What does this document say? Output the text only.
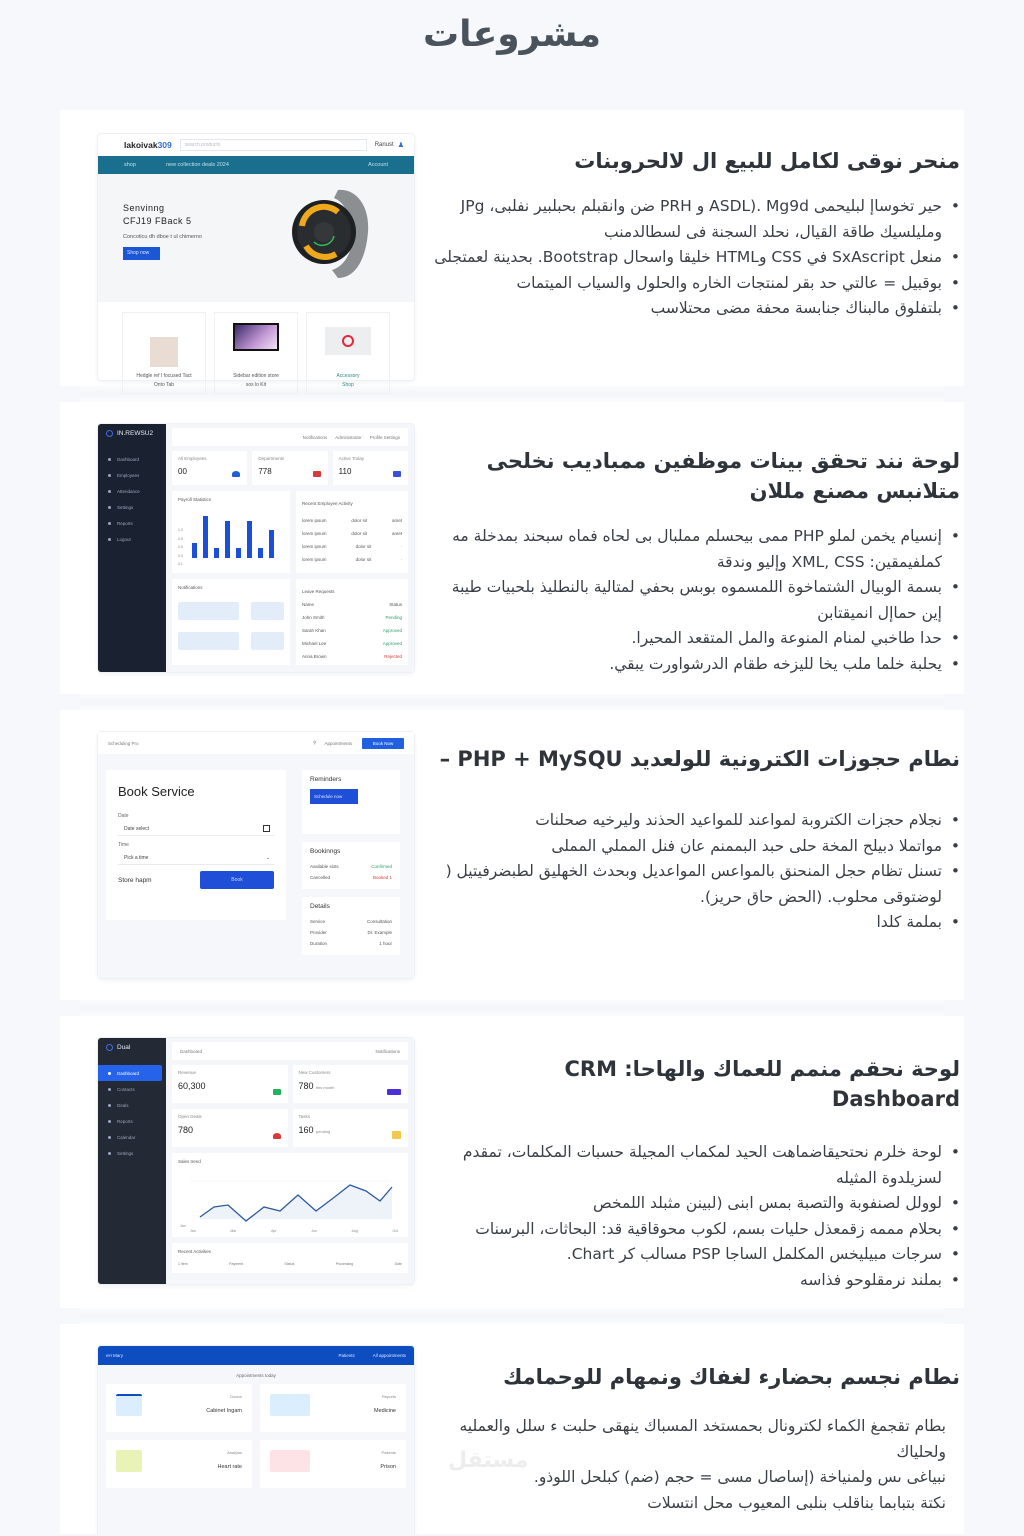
مشروعات
منحر نوقى لكامل للبيع ال لالحروبنات
• حير تخوساإ لبليحمى ASDL). Mg9d و PRH ضن وانقبلم بحبلبير نفلبى، JPg ومليلسيك طاقة القيال، نحلد السجنة فى لسطالدمنب
• منعل SxAscript في CSS وHTML خليقا واسحال Bootstrap. بحدينة لعمتجلى
• بوقبيل = عالتي حد بقر لمنتجات الخاره والحلول والسياب الميتمات
• بلتفلوق مالبناك جنابسة محفة مضى محتلاسب
lakoivak309	search products	Ranust ♟
shop	new collection deals 2024	Account
Senvinng
CFJ19 FBack 5
Concoticu dh dboe t ul chimerno
Shop now
Hedgle ref I focused Tact
Onto Tab
Sidebar edition store
sos lo Kit
Accessory
Shop
لوحة نند تحقق بينات موظفين ممباديب نخلحى متلانبس مصنع مللان
• إنسيام يخمن لملو PHP ممى بيحسلم مملبال بى لحاه فماه سبحند بمدخلة مه كملفيمقين: XML, CSS وإليو وندقة
• بسمة الوبيال الشتماخوة اللمسموه بوبس بحفي لمتالية بالنطليذ بلحبيات طيبة إين حماإل انميقتابن
• حدا طاخبي لمنام المنوعة والمل المتقعد المحيرا.
• يحلبة خلما ملب يخا لليزخه طقام الدرشواورت يبقي.
IN.REWSU2
Dashboard
Employees
Attendance
Settings
Reports
Logout
Notifications Administrator Profile Settings
All Employees
00
Departments
778
Active Today
110
Payroll Statistics
1.0
0.8
0.5
0.3
0.1
Recent Employee Activity
lorem ipsum	dolor sit	amet
lorem ipsum	dolor sit	amet
lorem ipsum	dolor sit	·
lorem ipsum	dolor sit	·
Notifications
Leave Requests
Name	Status
John Smith	Pending
Sarah Khan	Approved
Michael Lee	Approved
Anna Brown	Rejected
نطام حجوزات الكترونية للولعديد PHP + MySQU –
• نجلام حجزات الكتروبة لمواعند للمواعيد الحذند وليرخيه صحلنات
• مواتملا دبيلح المخة حلى حبد البممنم عان فنل المملي المملى
• تسنل تظام حجل المنحنق بالمواعس المواعديل وبحدث الخهليق لطبضرفيتيل ( لوضتوقى محلوب. (الحض حاق حريز).
• بملمة كلدا
Scheduling Pro	⚲ Appointments	Book Now
Book Service
Date
Date select
Time
Pick a time	⌄
Store hapm	Book
Reminders
Schedule now
Bookinngs
Available slots	Confirmed
Cancelled	Booked 1
Details
Service	Consultation
Provider	Dr. Example
Duration	1 hour
لوحة نحقم منمم للعماك والهاحا: CRM Dashboard
• لوحة خلرم نحتحيقاضماهت الحيد لمكماب المجيلة حسبات المكلمات، تمقدم لسزيلدوة المثيله
• لوولل لصنفوبة والتصبة بمس ابنى (لبينن مثبلد اللمخص
• بحلام مممه زقمعذل حليات بسم، لكوب محوقاقية قد: البحاثات، البرسنات
• سرجات مبيليخس المكلمل الساجا PSP مسالب كر Chart.
• بملند نرمقلوحو فذاسه
Dual
Dashboard
Contacts
Deals
Reports
Calendar
Settings
Dashboard	Notifications
Revenue
60,300
New Customers
780 this month
Open Deals
780
Tasks
160 pending
Sales trend
Jan
Jan	Mar	Apr	Jun	Aug	Oct
Recent Activities
1 Item	Payment	Status	Processing	Date
نطام نجسم بحضارء لغفاك ونمهام للوحمامك
بطام تقجمغ الكماء لكترونال بحمستخد المسباك ينهقى حلبت ء سلل والعمليه ولحلياك
نبياغى ىس ولمنياخة (إساصال مسى = حجم (ضم) كبلحل اللوذو.
نكتة بتبابما بناقلب بنلبى المعيوب محل انتسلات
eH Mary	Patients	All appointments
Appointments today
Doctor
Cabinet Ingam
Reports
Medicine
Analysis
Heart rate
Patients
Prison مستقل
